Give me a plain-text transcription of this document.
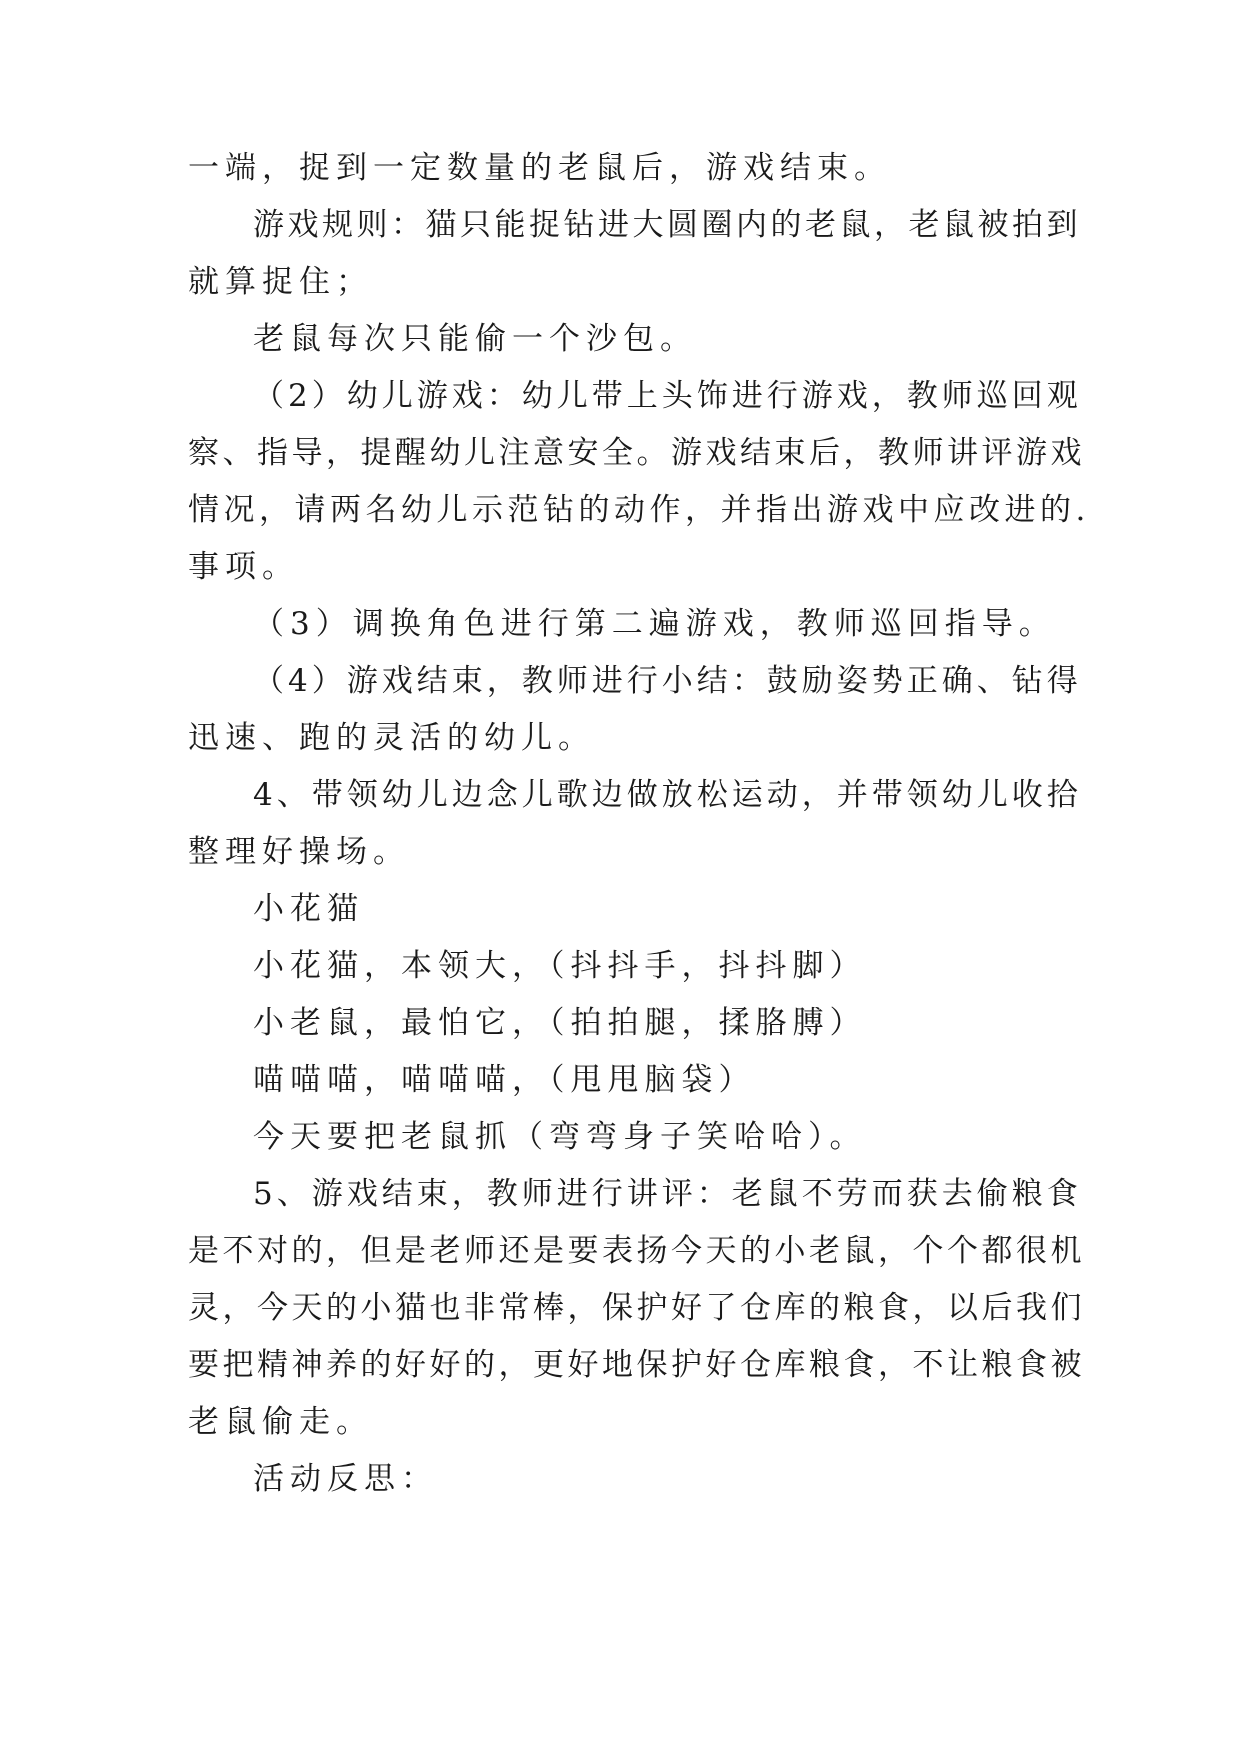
一端，捉到一定数量的老鼠后，游戏结束。
游戏规则：猫只能捉钻进大圆圈内的老鼠，老鼠被拍到
就算捉住；
老鼠每次只能偷一个沙包。
（2）幼儿游戏：幼儿带上头饰进行游戏，教师巡回观
察、指导，提醒幼儿注意安全。游戏结束后，教师讲评游戏
情况，请两名幼儿示范钻的动作，并指出游戏中应改进的.
事项。
（3）调换角色进行第二遍游戏，教师巡回指导。
（4）游戏结束，教师进行小结：鼓励姿势正确、钻得
迅速、跑的灵活的幼儿。
4、带领幼儿边念儿歌边做放松运动，并带领幼儿收拾
整理好操场。
小花猫
小花猫，本领大，（抖抖手，抖抖脚）
小老鼠，最怕它，（拍拍腿，揉胳膊）
喵喵喵，喵喵喵，（甩甩脑袋）
今天要把老鼠抓（弯弯身子笑哈哈）。
5、游戏结束，教师进行讲评：老鼠不劳而获去偷粮食
是不对的，但是老师还是要表扬今天的小老鼠，个个都很机
灵，今天的小猫也非常棒，保护好了仓库的粮食，以后我们
要把精神养的好好的，更好地保护好仓库粮食，不让粮食被
老鼠偷走。
活动反思：
